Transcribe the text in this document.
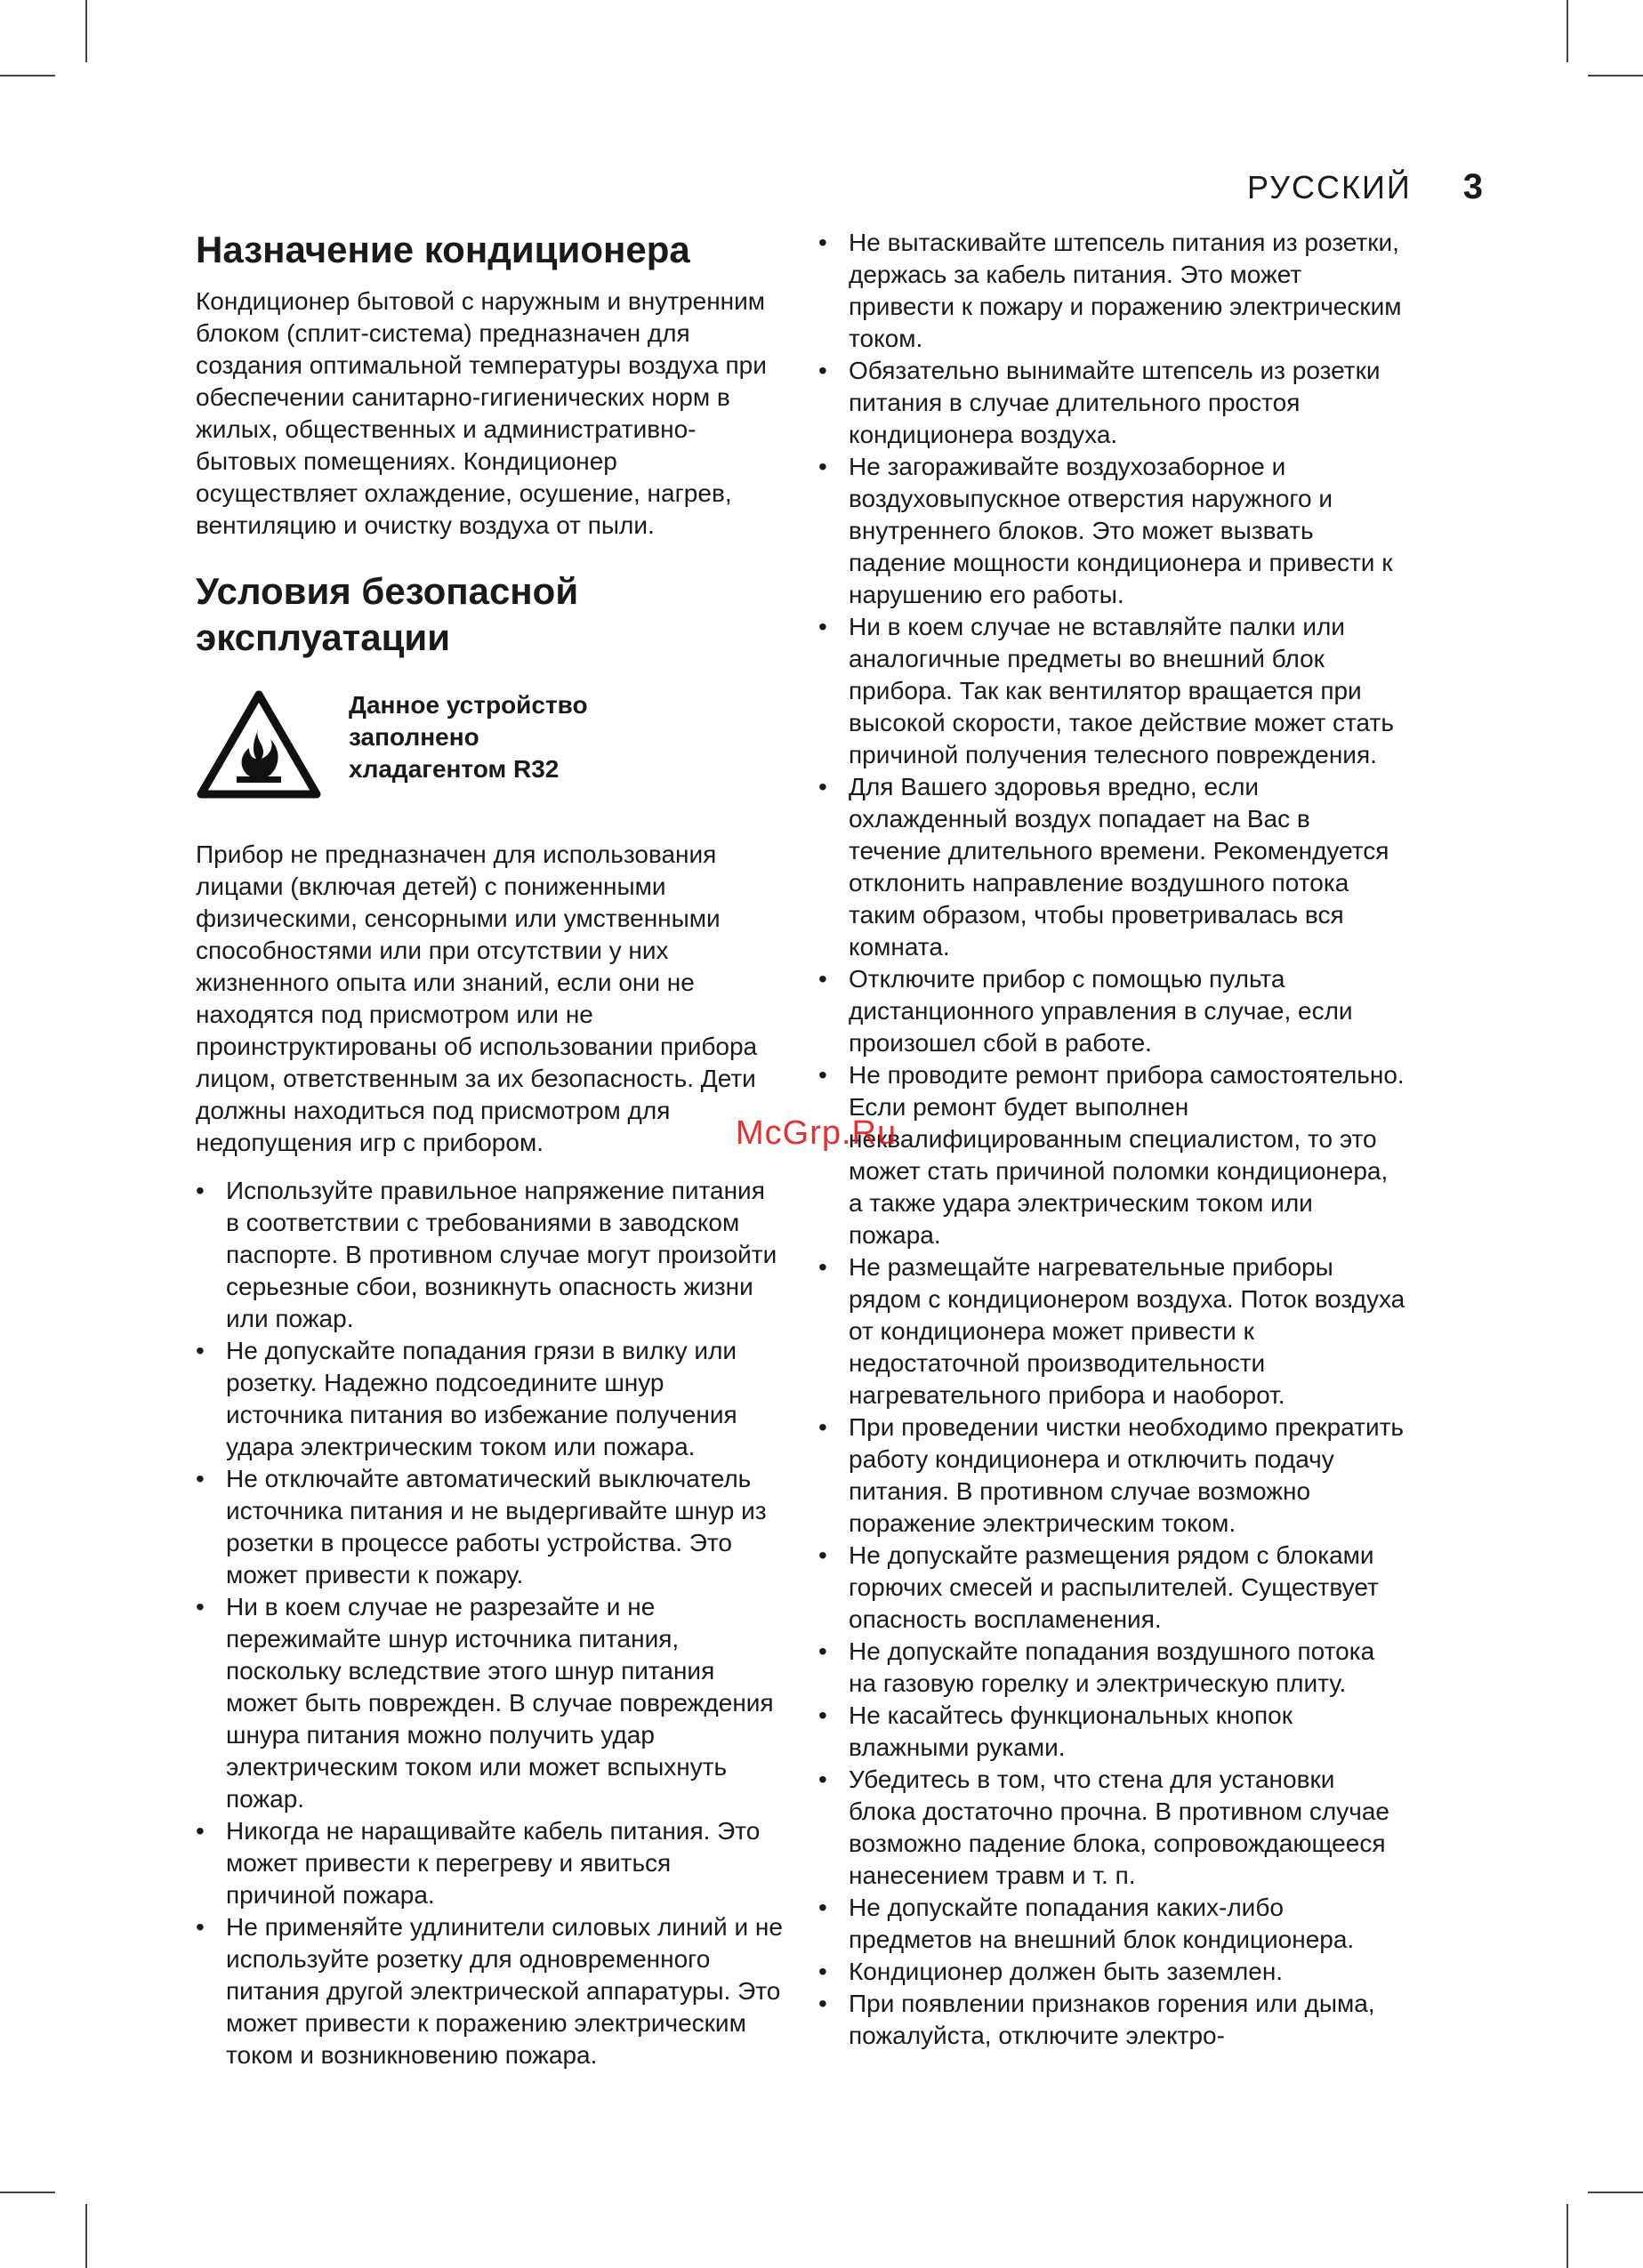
РУССКИЙ 3
Назначение кондиционера

Кондиционер бытовой с наружным и внутренним блоком (сплит-система) предназначен для создания оптимальной температуры воздуха при обеспечении санитарно-гигиенических норм в жилых, общественных и административно-бытовых помещениях. Кондиционер осуществляет охлаждение, осушение, нагрев, вентиляцию и очистку воздуха от пыли.

Условия безопасной эксплуатации
Данное устройство заполнено хладагентом R32

Прибор не предназначен для использования лицами (включая детей) с пониженными физическими, сенсорными или умственными способностями или при отсутствии у них жизненного опыта или знаний, если они не находятся под присмотром или не проинструктированы об использовании прибора лицом, ответственным за их безопасность. Дети должны находиться под присмотром для недопущения игр с прибором.

• Используйте правильное напряжение питания в соответствии с требованиями в заводском паспорте. В противном случае могут произойти серьезные сбои, возникнуть опасность жизни или пожар.
• Не допускайте попадания грязи в вилку или розетку. Надежно подсоедините шнур источника питания во избежание получения удара электрическим током или пожара.
• Не отключайте автоматический выключатель источника питания и не выдергивайте шнур из розетки в процессе работы устройства. Это может привести к пожару.
• Ни в коем случае не разрезайте и не пережимайте шнур источника питания, поскольку вследствие этого шнур питания может быть поврежден. В случае повреждения шнура питания можно получить удар электрическим током или может вспыхнуть пожар.
• Никогда не наращивайте кабель питания. Это может привести к перегреву и явиться причиной пожара.
• Не применяйте удлинители силовых линий и не используйте розетку для одновременного питания другой электрической аппаратуры. Это может привести к поражению электрическим током и возникновению пожара.
• Не вытаскивайте штепсель питания из розетки, держась за кабель питания. Это может привести к пожару и поражению электрическим током.
• Обязательно вынимайте штепсель из розетки питания в случае длительного простоя кондиционера воздуха.
• Не загораживайте воздухозаборное и воздуховыпускное отверстия наружного и внутреннего блоков. Это может вызвать падение мощности кондиционера и привести к нарушению его работы.
• Ни в коем случае не вставляйте палки или аналогичные предметы во внешний блок прибора. Так как вентилятор вращается при высокой скорости, такое действие может стать причиной получения телесного повреждения.
• Для Вашего здоровья вредно, если охлажденный воздух попадает на Вас в течение длительного времени. Рекомендуется отклонить направление воздушного потока таким образом, чтобы проветривалась вся комната.
• Отключите прибор с помощью пульта дистанционного управления в случае, если произошел сбой в работе.
• Не проводите ремонт прибора самостоятельно. Если ремонт будет выполнен неквалифицированным специалистом, то это может стать причиной поломки кондиционера, а также удара электрическим током или пожара.
• Не размещайте нагревательные приборы рядом с кондиционером воздуха. Поток воздуха от кондиционера может привести к недостаточной производительности нагревательного прибора и наоборот.
• При проведении чистки необходимо прекратить работу кондиционера и отключить подачу питания. В противном случае возможно поражение электрическим током.
• Не допускайте размещения рядом с блоками горючих смесей и распылителей. Существует опасность воспламенения.
• Не допускайте попадания воздушного потока на газовую горелку и электрическую плиту.
• Не касайтесь функциональных кнопок влажными руками.
• Убедитесь в том, что стена для установки блока достаточно прочна. В противном случае возможно падение блока, сопровождающееся нанесением травм и т. п.
• Не допускайте попадания каких-либо предметов на внешний блок кондиционера.
• Кондиционер должен быть заземлен.
• При появлении признаков горения или дыма, пожалуйста, отключите электро-
McGrp.Ru
